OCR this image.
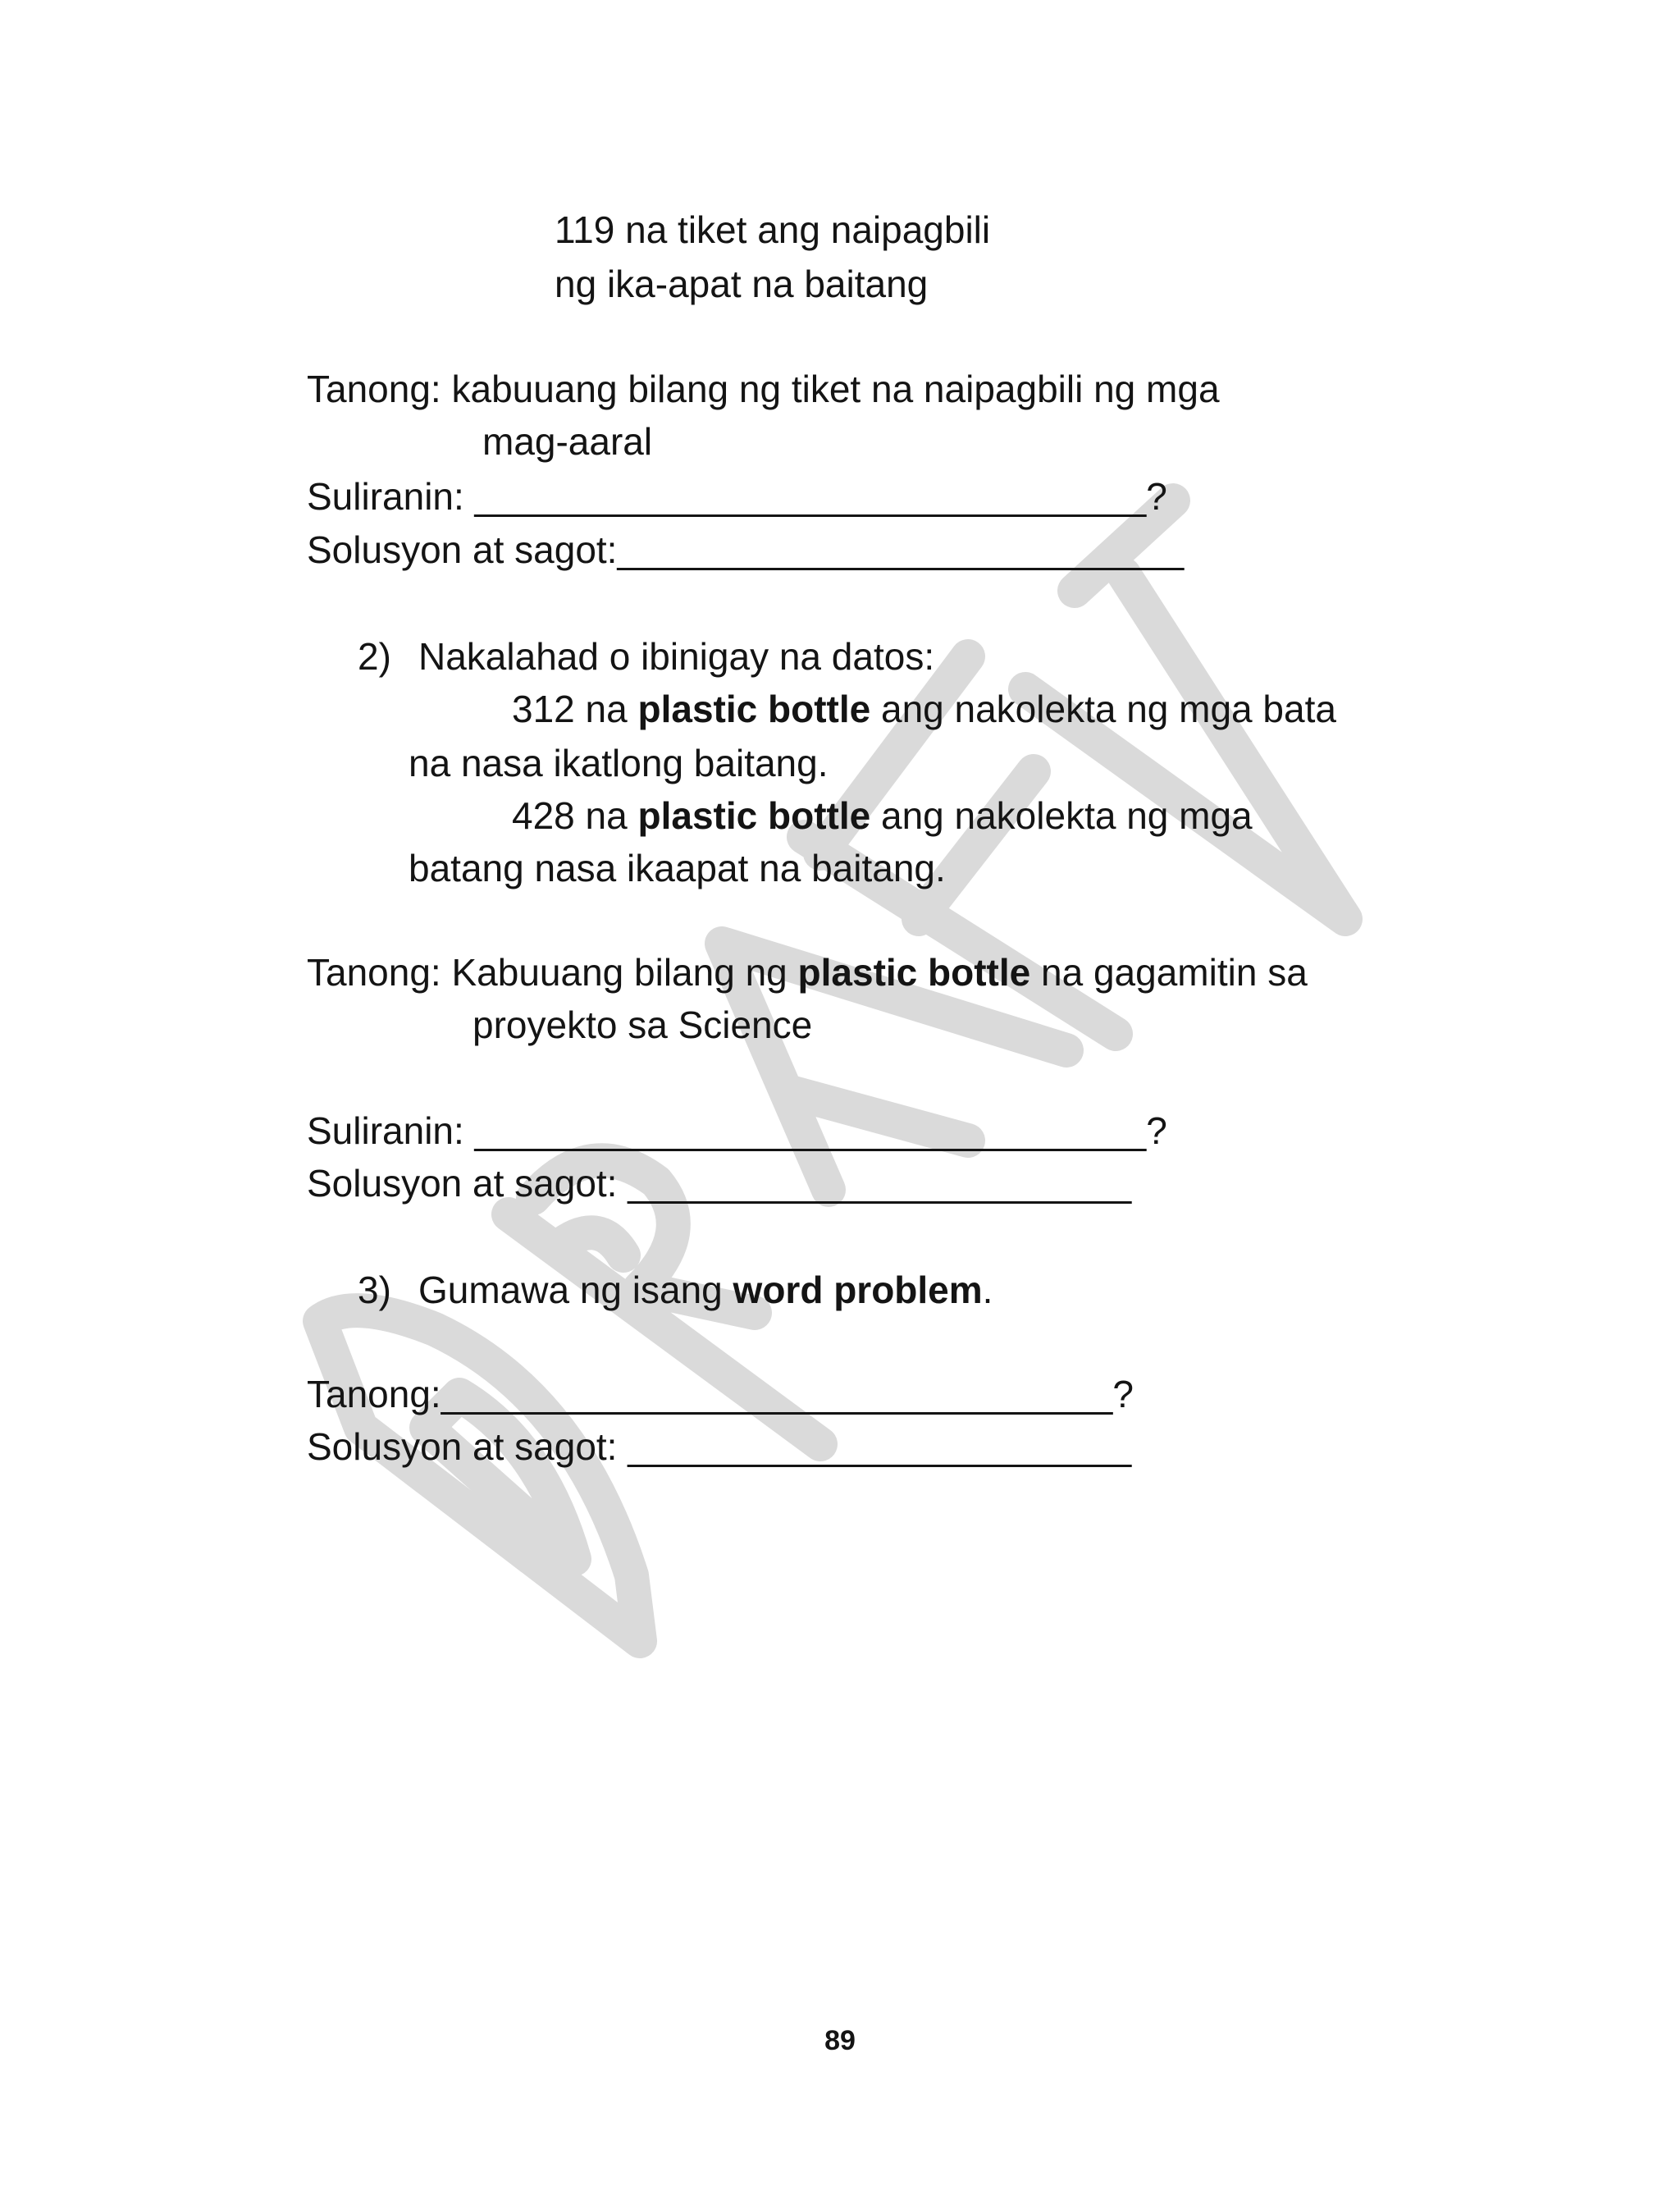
119 na tiket ang naipagbili
ng ika-apat na baitang
Tanong: kabuuang bilang ng tiket na naipagbili ng mga
mag-aaral
Suliranin: ________________________________?
Solusyon at sagot:___________________________
2) Nakalahad o ibinigay na datos:
312 na plastic bottle ang nakolekta ng mga bata
na nasa ikatlong baitang.
428 na plastic bottle ang nakolekta ng mga
batang nasa ikaapat na baitang.
Tanong: Kabuuang bilang ng plastic bottle na gagamitin sa
proyekto sa Science
Suliranin: ________________________________?
Solusyon at sagot: ________________________
3) Gumawa ng isang word problem.
Tanong:________________________________?
Solusyon at sagot: ________________________
89
